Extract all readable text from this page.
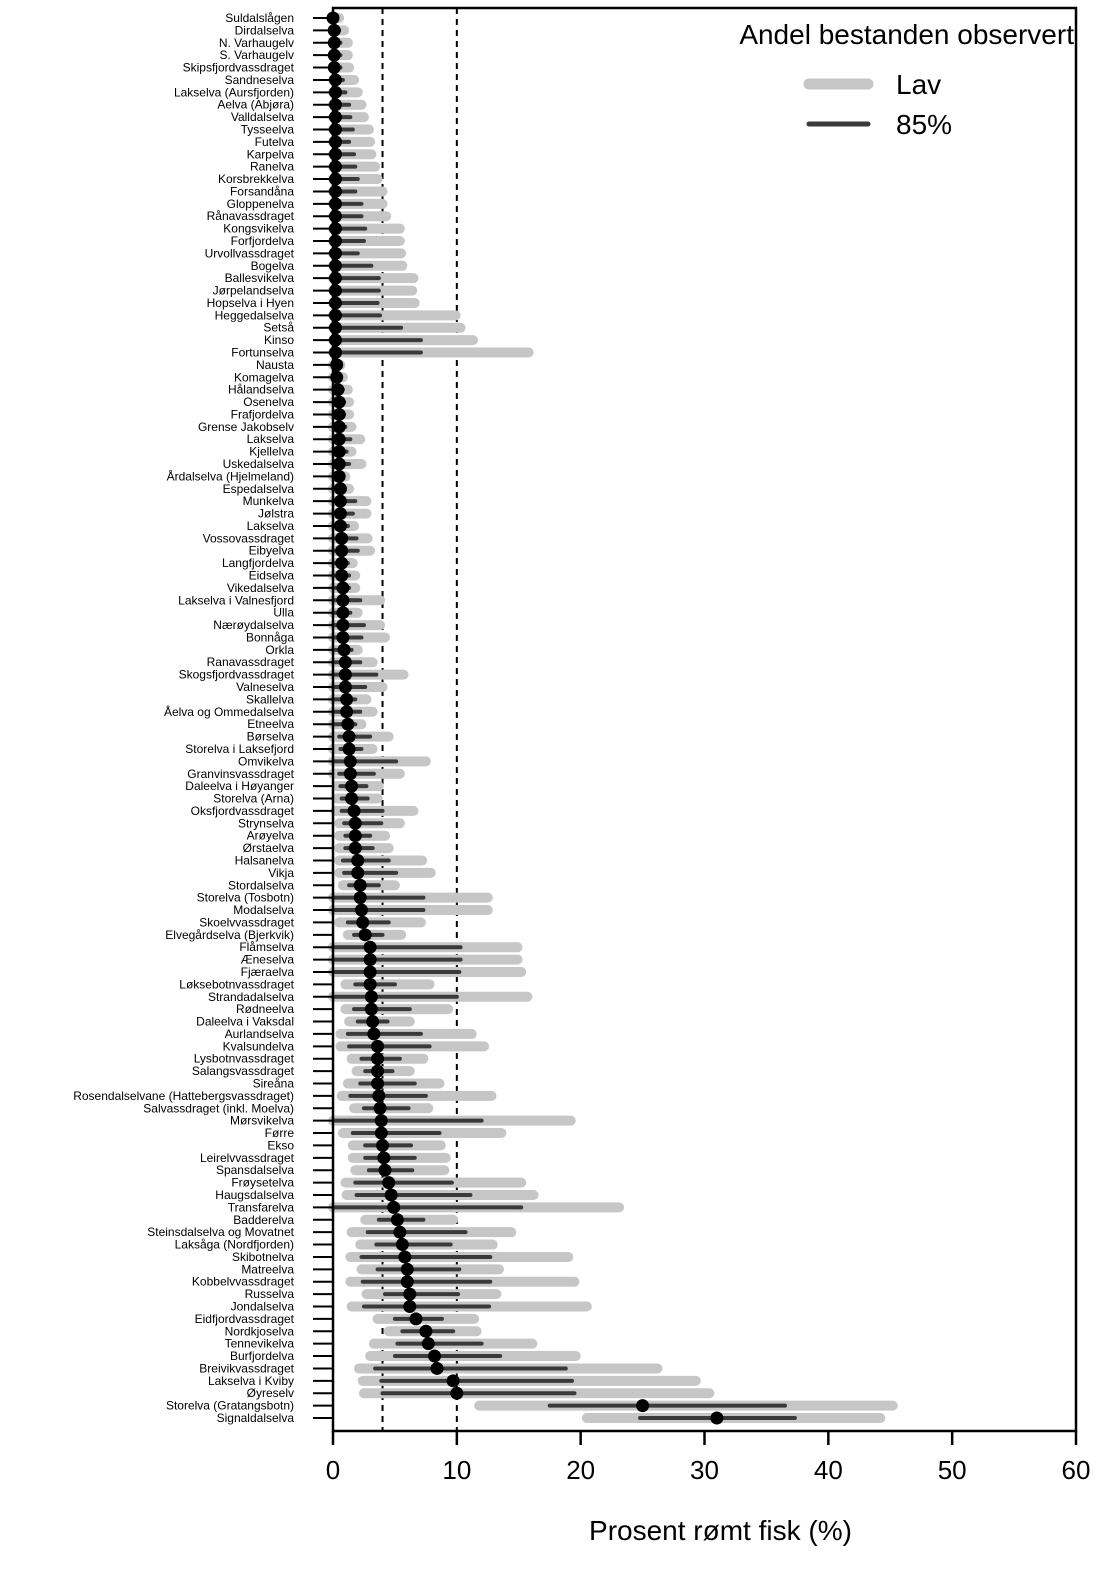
Suldalslågen
Dirdalselva
N. Varhaugelv
S. Varhaugelv
Skipsfjordvassdraget
Sandneselva
Lakselva (Aursfjorden)
Aelva (Abjøra)
Valldalselva
Tysseelva
Futelva
Karpelva
Ranelva
Korsbrekkelva
Forsandåna
Gloppenelva
Rånavassdraget
Kongsvikelva
Forfjordelva
Urvollvassdraget
Bogelva
Ballesvikelva
Jørpelandselva
Hopselva i Hyen
Heggedalselva
Setså
Kinso
Fortunselva
Nausta
Komagelva
Hålandselva
Osenelva
Frafjordelva
Grense Jakobselv
Lakselva
Kjellelva
Uskedalselva
Årdalselva (Hjelmeland)
Espedalselva
Munkelva
Jølstra
Lakselva
Vossovassdraget
Eibyelva
Langfjordelva
Eidselva
Vikedalselva
Lakselva i Valnesfjord
Ulla
Nærøydalselva
Bonnåga
Orkla
Ranavassdraget
Skogsfjordvassdraget
Valneselva
Skallelva
Åelva og Ommedalselva
Etneelva
Børselva
Storelva i Laksefjord
Omvikelva
Granvinsvassdraget
Daleelva i Høyanger
Storelva (Arna)
Oksfjordvassdraget
Strynselva
Arøyelva
Ørstaelva
Halsanelva
Vikja
Stordalselva
Storelva (Tosbotn)
Modalselva
Skoelvvassdraget
Elvegårdselva (Bjerkvik)
Flåmselva
Æneselva
Fjæraelva
Løksebotnvassdraget
Strandadalselva
Rødneelva
Daleelva i Vaksdal
Aurlandselva
Kvalsundelva
Lysbotnvassdraget
Salangsvassdraget
Sireåna
Rosendalselvane (Hattebergsvassdraget)
Salvassdraget (inkl. Moelva)
Mørsvikelva
Førre
Ekso
Leirelvvassdraget
Spansdalselva
Frøysetelva
Haugsdalselva
Transfarelva
Badderelva
Steinsdalselva og Movatnet
Laksåga (Nordfjorden)
Skibotnelva
Matreelva
Kobbelvvassdraget
Russelva
Jondalselva
Eidfjordvassdraget
Nordkjoselva
Tennevikelva
Burfjordelva
Breivikvassdraget
Lakselva i Kviby
Øyreselv
Storelva (Gratangsbotn)
Signaldalselva
0	10	20	30	40	50	60
Prosent rømt fisk (%)
Andel bestanden observert
Lav
85%
